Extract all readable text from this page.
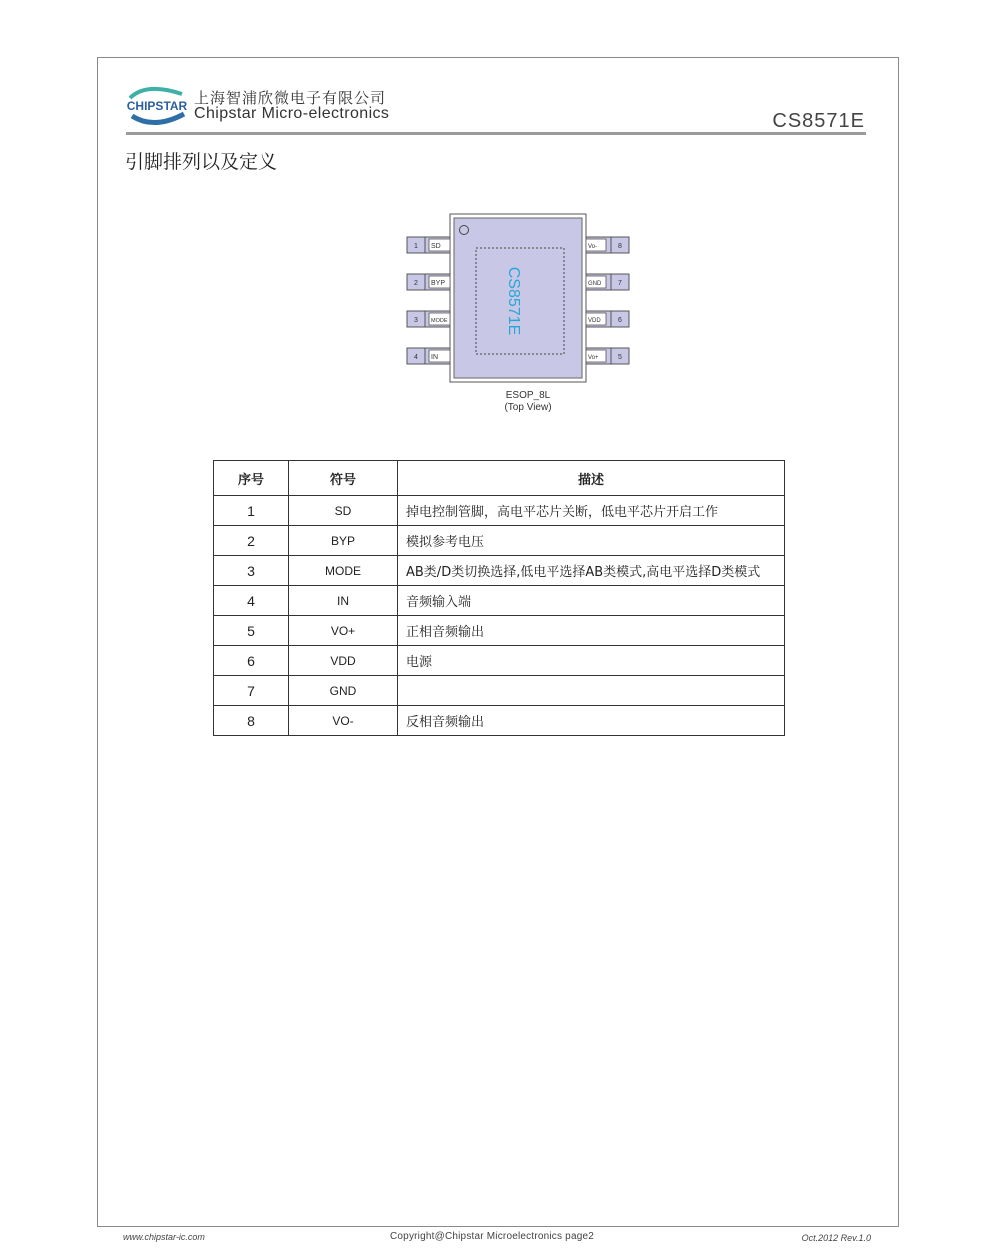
CHIPSTAR 上海智浦欣微电子有限公司
Chipstar Micro-electronics	CS8571E
引脚排列以及定义
CS8571E
1 SD
2 BYP
3 MODE
4 IN
8
Vo-
7
GND
6
VDD
5
Vo+
ESOP_8L
(Top View)
序号	符号	描述
1	SD	掉电控制管脚，高电平芯片关断，低电平芯片开启工作
2	BYP	模拟参考电压
3	MODE	AB类/D类切换选择,低电平选择AB类模式,高电平选择D类模式
4	IN	音频输入端
5	VO+	正相音频输出
6	VDD	电源
7	GND	
8	VO-	反相音频输出
www.chipstar-ic.com	Copyright@Chipstar Microelectronics page2	Oct.2012 Rev.1.0
